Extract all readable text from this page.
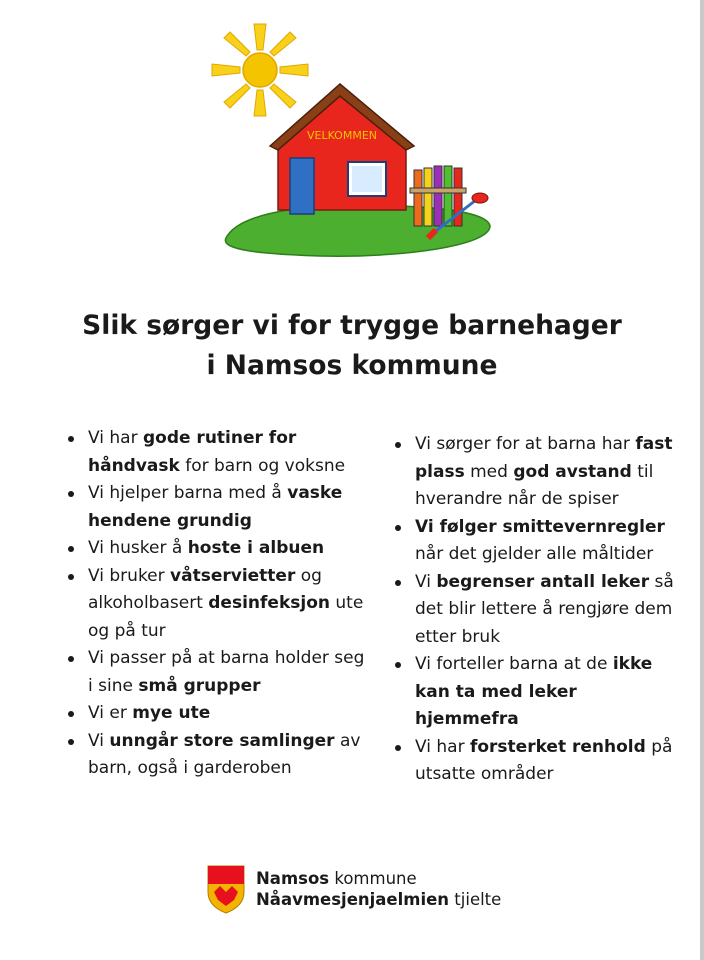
VELKOMMEN
Slik sørger vi for trygge barnehager
i Namsos kommune
Vi har gode rutiner for håndvask for barn og voksne
Vi hjelper barna med å vaske hendene grundig
Vi husker å hoste i albuen
Vi bruker våtservietter og alkoholbasert desinfeksjon ute og på tur
Vi passer på at barna holder seg i sine små grupper
Vi er mye ute
Vi unngår store samlinger av barn, også i garderoben
Vi sørger for at barna har fast plass med god avstand til hverandre når de spiser
Vi følger smittevernregler når det gjelder alle måltider
Vi begrenser antall leker så det blir lettere å rengjøre dem etter bruk
Vi forteller barna at de ikke kan ta med leker hjemmefra
Vi har forsterket renhold på utsatte områder
Namsos kommune
Nåavmesjenjaelmien tjielte
